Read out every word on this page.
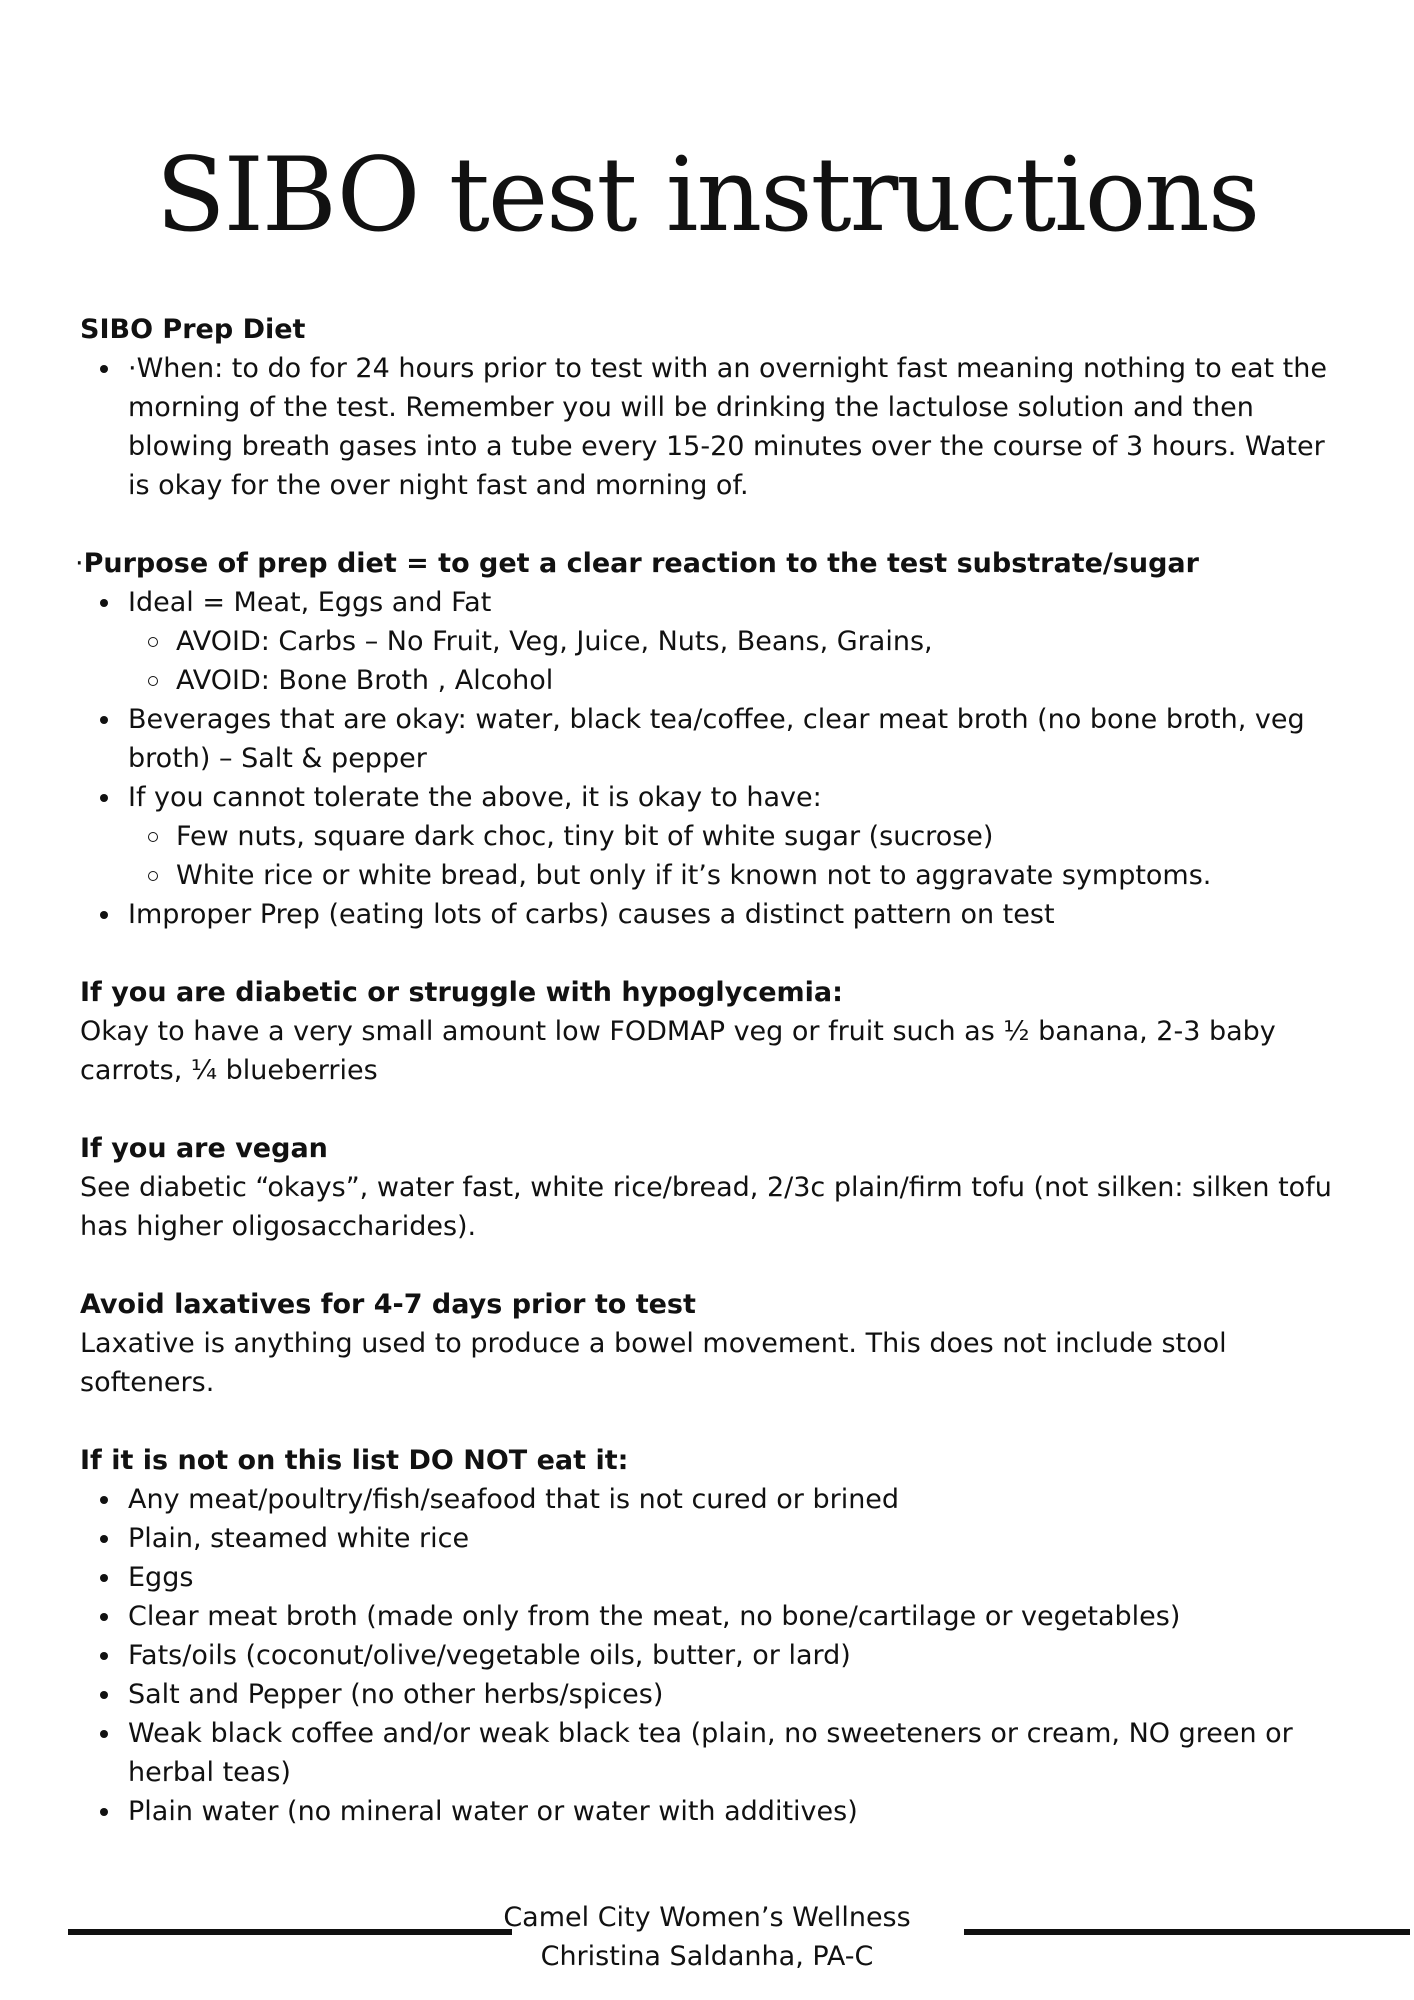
SIBO test instructions

SIBO Prep Diet

·When: to do for 24 hours prior to test with an overnight fast meaning nothing to eat the morning of the test. Remember you will be drinking the lactulose solution and then blowing breath gases into a tube every 15-20 minutes over the course of 3 hours. Water is okay for the over night fast and morning of.

·Purpose of prep diet = to get a clear reaction to the test substrate/sugar

Ideal = Meat, Eggs and Fat
AVOID: Carbs – No Fruit, Veg, Juice, Nuts, Beans, Grains,
AVOID: Bone Broth , Alcohol
Beverages that are okay: water, black tea/coffee, clear meat broth (no bone broth, veg broth) – Salt & pepper
If you cannot tolerate the above, it is okay to have:
Few nuts, square dark choc, tiny bit of white sugar (sucrose)
White rice or white bread, but only if it’s known not to aggravate symptoms.
Improper Prep (eating lots of carbs) causes a distinct pattern on test

If you are diabetic or struggle with hypoglycemia:

Okay to have a very small amount low FODMAP veg or fruit such as ½ banana, 2-3 baby carrots, ¼ blueberries

If you are vegan

See diabetic “okays”, water fast, white rice/bread, 2/3c plain/firm tofu (not silken: silken tofu has higher oligosaccharides).

Avoid laxatives for 4-7 days prior to test

Laxative is anything used to produce a bowel movement. This does not include stool softeners.

If it is not on this list DO NOT eat it:

Any meat/poultry/fish/seafood that is not cured or brined
Plain, steamed white rice
Eggs
Clear meat broth (made only from the meat, no bone/cartilage or vegetables)
Fats/oils (coconut/olive/vegetable oils, butter, or lard)
Salt and Pepper (no other herbs/spices)
Weak black coffee and/or weak black tea (plain, no sweeteners or cream, NO green or herbal teas)
Plain water (no mineral water or water with additives)
Camel City Women’s Wellness
Christina Saldanha, PA-C
